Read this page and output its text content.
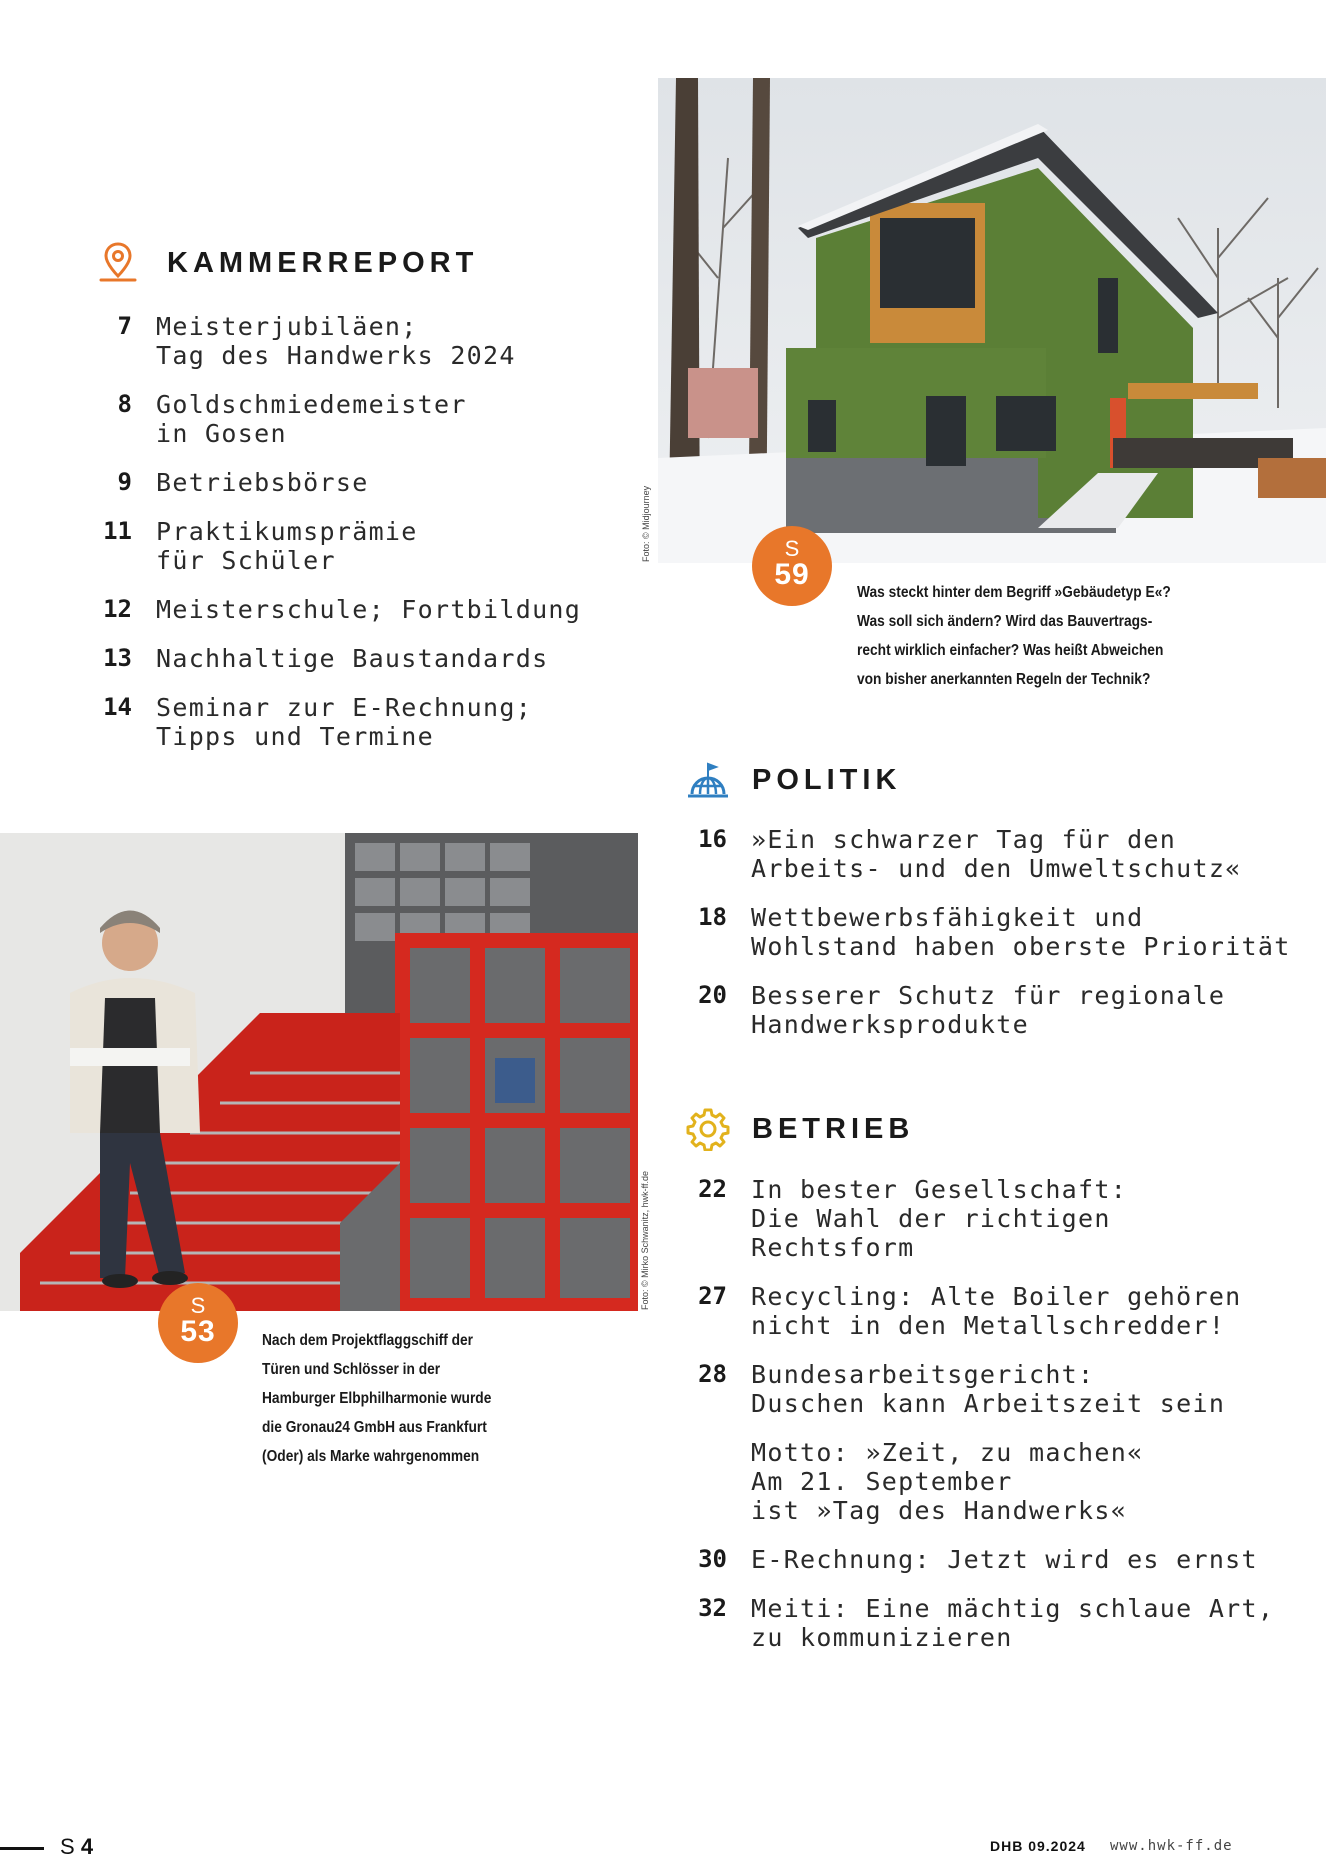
KAMMERREPORT
7 Meisterjubiläen;
Tag des Handwerks 2024
8 Goldschmiedemeister
in Gosen
9 Betriebsbörse
11 Praktikumsprämie
für Schüler
12 Meisterschule; Fortbildung
13 Nachhaltige Baustandards
14 Seminar zur E-Rechnung;
Tipps und Termine
Foto: © Midjourney	S
59
Was steckt hinter dem Begriff »Gebäudetyp E«?
Was soll sich ändern? Wird das Bauvertrags-
recht wirklich einfacher? Was heißt Abweichen
von bisher anerkannten Regeln der Technik?
POLITIK
16 »Ein schwarzer Tag für den
Arbeits- und den Umweltschutz«
18 Wettbewerbsfähigkeit und
Wohlstand haben oberste Priorität
20 Besserer Schutz für regionale
Handwerksprodukte
Foto: © Mirko Schwanitz, hwk-ff.de
S
53	Nach dem Projektflaggschiff der
Türen und Schlösser in der
Hamburger Elbphilharmonie wurde
die Gronau24 GmbH aus Frankfurt
(Oder) als Marke wahrgenommen
BETRIEB
22 In bester Gesellschaft:
Die Wahl der richtigen
Rechtsform
27 Recycling: Alte Boiler gehören
nicht in den Metallschredder!
28 Bundesarbeitsgericht:
Duschen kann Arbeitszeit sein
Motto: »Zeit, zu machen«
Am 21. September
ist »Tag des Handwerks«
30 E-Rechnung: Jetzt wird es ernst
32 Meiti: Eine mächtig schlaue Art,
zu kommunizieren
S 4	DHB 09.2024 www.hwk-ff.de
